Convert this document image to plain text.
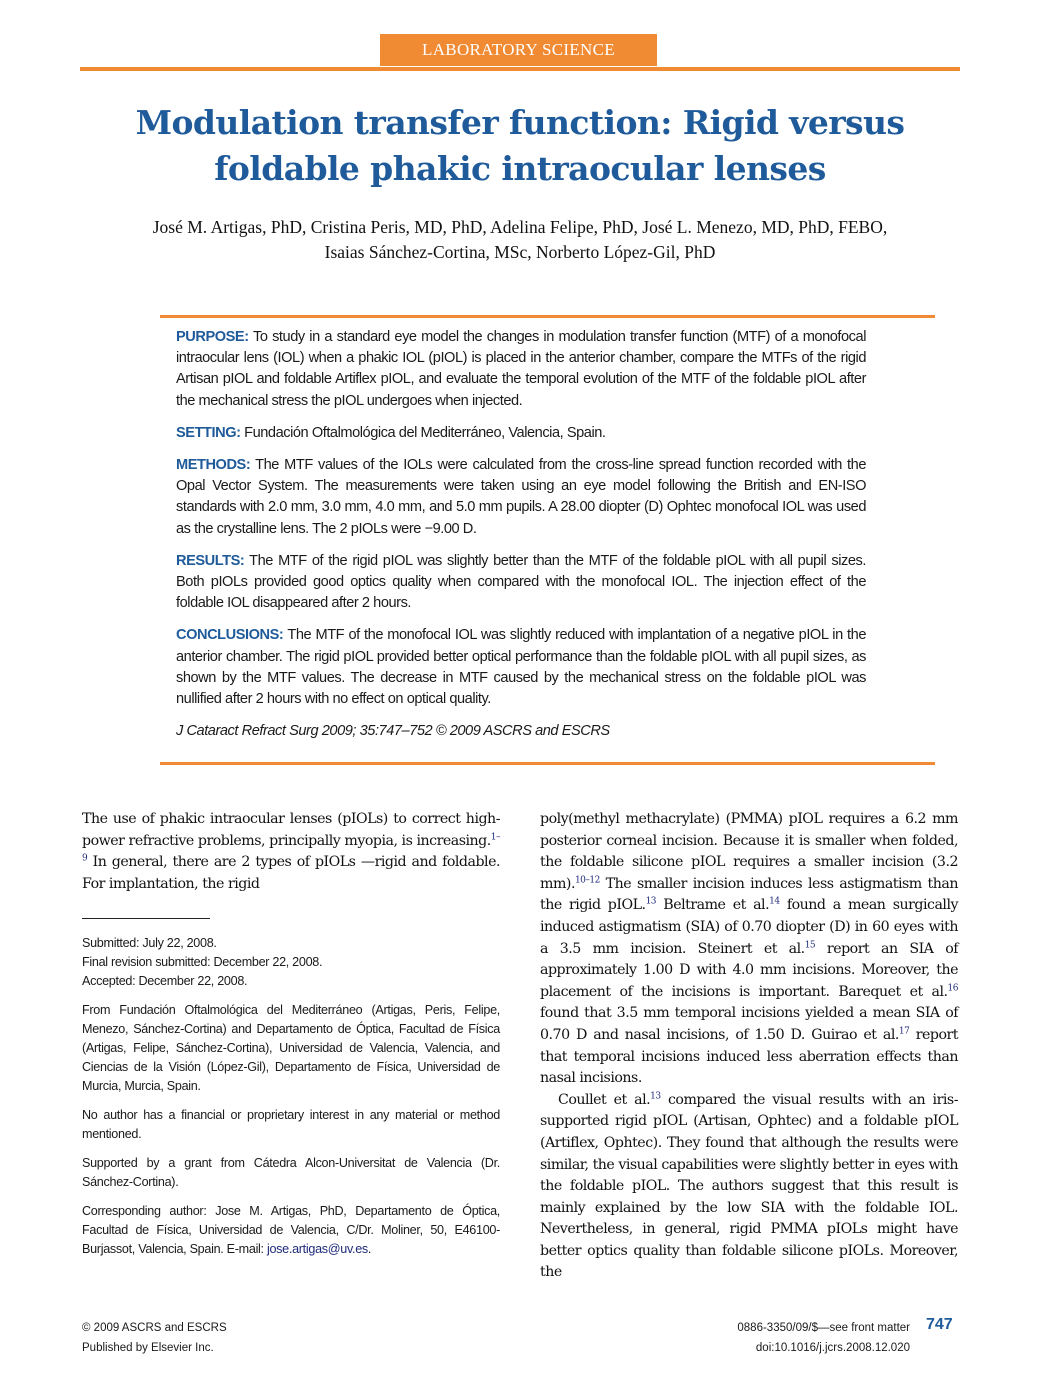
LABORATORY SCIENCE
Modulation transfer function: Rigid versus foldable phakic intraocular lenses
José M. Artigas, PhD, Cristina Peris, MD, PhD, Adelina Felipe, PhD, José L. Menezo, MD, PhD, FEBO,
Isaias Sánchez-Cortina, MSc, Norberto López-Gil, PhD

PURPOSE: To study in a standard eye model the changes in modulation transfer function (MTF) of a monofocal intraocular lens (IOL) when a phakic IOL (pIOL) is placed in the anterior chamber, compare the MTFs of the rigid Artisan pIOL and foldable Artiflex pIOL, and evaluate the temporal evolution of the MTF of the foldable pIOL after the mechanical stress the pIOL undergoes when injected.

SETTING: Fundación Oftalmológica del Mediterráneo, Valencia, Spain.

METHODS: The MTF values of the IOLs were calculated from the cross-line spread function recorded with the Opal Vector System. The measurements were taken using an eye model following the British and EN-ISO standards with 2.0 mm, 3.0 mm, 4.0 mm, and 5.0 mm pupils. A 28.00 diopter (D) Ophtec monofocal IOL was used as the crystalline lens. The 2 pIOLs were −9.00 D.

RESULTS: The MTF of the rigid pIOL was slightly better than the MTF of the foldable pIOL with all pupil sizes. Both pIOLs provided good optics quality when compared with the monofocal IOL. The injection effect of the foldable IOL disappeared after 2 hours.

CONCLUSIONS: The MTF of the monofocal IOL was slightly reduced with implantation of a negative pIOL in the anterior chamber. The rigid pIOL provided better optical performance than the foldable pIOL with all pupil sizes, as shown by the MTF values. The decrease in MTF caused by the mechanical stress on the foldable pIOL was nullified after 2 hours with no effect on optical quality.

J Cataract Refract Surg 2009; 35:747–752 © 2009 ASCRS and ESCRS

The use of phakic intraocular lenses (pIOLs) to correct high-power refractive problems, principally myopia, is increasing.$^{1-9}$ In general, there are 2 types of pIOLs —rigid and foldable. For implantation, the rigid

Submitted: July 22, 2008.
Final revision submitted: December 22, 2008.
Accepted: December 22, 2008.

From Fundación Oftalmológica del Mediterráneo (Artigas, Peris, Felipe, Menezo, Sánchez-Cortina) and Departamento de Óptica, Facultad de Física (Artigas, Felipe, Sánchez-Cortina), Universidad de Valencia, Valencia, and Ciencias de la Visión (López-Gil), Departamento de Física, Universidad de Murcia, Murcia, Spain.

No author has a financial or proprietary interest in any material or method mentioned.

Supported by a grant from Cátedra Alcon-Universitat de Valencia (Dr. Sánchez-Cortina).

Corresponding author: Jose M. Artigas, PhD, Departamento de Óptica, Facultad de Física, Universidad de Valencia, C/Dr. Moliner, 50, E46100-Burjassot, Valencia, Spain. E-mail: jose.artigas@uv.es.

poly(methyl methacrylate) (PMMA) pIOL requires a 6.2 mm posterior corneal incision. Because it is smaller when folded, the foldable silicone pIOL requires a smaller incision (3.2 mm).$^{10-12}$ The smaller incision induces less astigmatism than the rigid pIOL.$^{13}$ Beltrame et al.$^{14}$ found a mean surgically induced astigmatism (SIA) of 0.70 diopter (D) in 60 eyes with a 3.5 mm incision. Steinert et al.$^{15}$ report an SIA of approximately 1.00 D with 4.0 mm incisions. Moreover, the placement of the incisions is important. Barequet et al.$^{16}$ found that 3.5 mm temporal incisions yielded a mean SIA of 0.70 D and nasal incisions, of 1.50 D. Guirao et al.$^{17}$ report that temporal incisions induced less aberration effects than nasal incisions.

Coullet et al.$^{13}$ compared the visual results with an iris-supported rigid pIOL (Artisan, Ophtec) and a foldable pIOL (Artiflex, Ophtec). They found that although the results were similar, the visual capabilities were slightly better in eyes with the foldable pIOL. The authors suggest that this result is mainly explained by the low SIA with the foldable IOL. Nevertheless, in general, rigid PMMA pIOLs might have better optics quality than foldable silicone pIOLs. Moreover, the

© 2009 ASCRS and ESCRS
Published by Elsevier Inc.
0886-3350/09/$—see front matter
doi:10.1016/j.jcrs.2008.12.020
747
